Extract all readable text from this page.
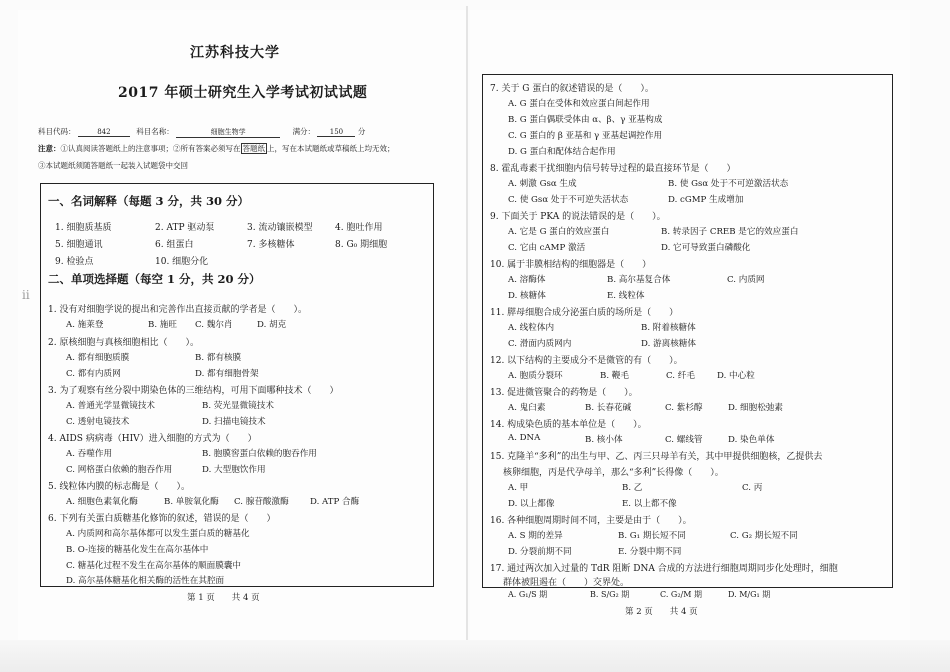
江苏科技大学
2017 年硕士研究生入学考试初试试题
科目代码：	842	科目名称：	细胞生物学	满分： 150 分
注意：①认真阅读答题纸上的注意事项；②所有答案必须写在 答题纸 上，写在本试题纸或草稿纸上均无效；
③本试题纸须随答题纸一起装入试题袋中交回
ⅱ
一、名词解释（每题 3 分，共 30 分）
1. 细胞质基质	2. ATP 驱动泵	3. 流动镶嵌模型	4. 胞吐作用
5. 细胞通讯	6. 组蛋白	7. 多核糖体	8. G₀ 期细胞
9. 检验点	10. 细胞分化
二、单项选择题（每空 1 分，共 20 分）
1. 没有对细胞学说的提出和完善作出直接贡献的学者是（　　）。
A. 施莱登	B. 施旺 C. 魏尔肖	D. 胡克
2. 原核细胞与真核细胞相比（　　）。
A. 都有细胞质膜	B. 都有核膜
C. 都有内质网	D. 都有细胞骨架
3. 为了观察有丝分裂中期染色体的三维结构，可用下面哪种技术（　　）
A. 普通光学显微镜技术	B. 荧光显微镜技术
C. 透射电镜技术	D. 扫描电镜技术
4. AIDS 病病毒（HIV）进入细胞的方式为（　　）
A. 吞噬作用	B. 胞膜窖蛋白依赖的胞吞作用
C. 网格蛋白依赖的胞吞作用	D. 大型胞饮作用
5. 线粒体内膜的标志酶是（　　）。
A. 细胞色素氧化酶	B. 单胺氧化酶 C. 腺苷酸激酶 D. ATP 合酶
6. 下列有关蛋白质糖基化修饰的叙述，错误的是（　　）
A. 内质网和高尔基体都可以发生蛋白质的糖基化
B. O-连接的糖基化发生在高尔基体中
C. 糖基化过程不发生在高尔基体的顺面膜囊中
D. 高尔基体糖基化相关酶的活性在其腔面
第 1 页　　共 4 页
7. 关于 G 蛋白的叙述错误的是（　　）。
A. G 蛋白在受体和效应蛋白间起作用
B. G 蛋白偶联受体由 α、β、γ 亚基构成
C. G 蛋白的 β 亚基和 γ 亚基起调控作用
D. G 蛋白和配体结合起作用
8. 霍乱毒素干扰细胞内信号转导过程的最直接环节是（　　）
A. 刺激 Gsα 生成	B. 使 Gsα 处于不可逆激活状态
C. 使 Gsα 处于不可逆失活状态	D. cGMP 生成增加
9. 下面关于 PKA 的说法错误的是（　　）。
A. 它是 G 蛋白的效应蛋白	B. 转录因子 CREB 是它的效应蛋白
C. 它由 cAMP 激活	D. 它可导致蛋白磷酸化
10. 属于非膜相结构的细胞器是（　　）
A. 溶酶体	B. 高尔基复合体	C. 内质网
D. 核糖体	E. 线粒体
11. 膵母细胞合成分泌蛋白质的场所是（　　）
A. 线粒体内	B. 附着核糖体
C. 滑面内质网内	D. 游离核糖体
12. 以下结构的主要成分不是微管的有（　　）。
A. 胞质分裂环	B. 鞭毛	C. 纤毛	D. 中心粒
13. 促进微管聚合的药物是（　　）。
A. 鬼臼素	B. 长春花碱	C. 紫杉醇	D. 细胞松弛素
14. 构成染色质的基本单位是（　　）。
A. DNA	B. 核小体	C. 螺线管	D. 染色单体
15. 克隆羊“多利”的出生与甲、乙、丙三只母羊有关，其中甲提供细胞核，乙提供去
核卵细胞，丙是代孕母羊，那么“多利”长得像（　　）。
A. 甲	B. 乙	C. 丙
D. 以上都像	E. 以上都不像
16. 各种细胞周期时间不同，主要是由于（　　）。
A. S 期的差异	B. G₁ 期长短不同	C. G₂ 期长短不同
D. 分裂前期不同	E. 分裂中期不同
17. 通过两次加入过量的 TdR 阻断 DNA 合成的方法进行细胞周期同步化处理时，细胞
群体被阻遏在（　　）交界处。
A. G₁/S 期	B. S/G₂ 期	C. G₂/M 期	D. M/G₁ 期
第 2 页　　共 4 页
